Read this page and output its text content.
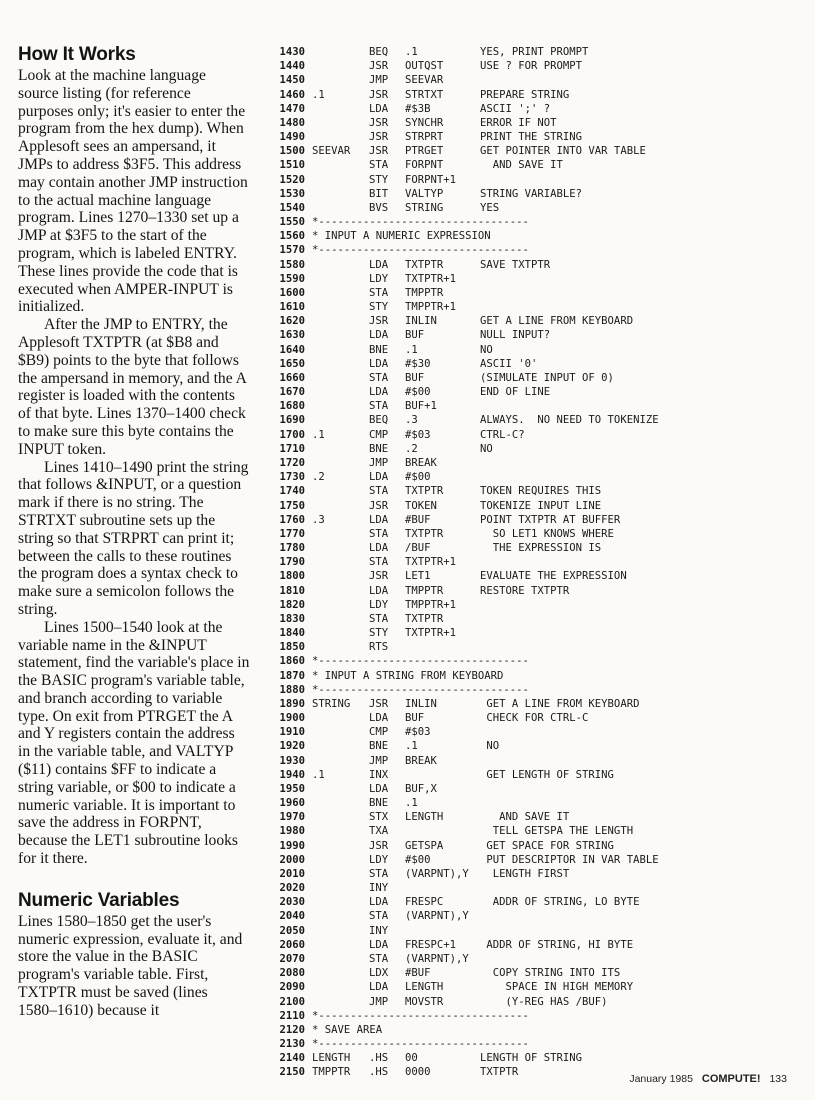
How It Works

Look at the machine language source listing (for reference purposes only; it's easier to enter the program from the hex dump). When Applesoft sees an ampersand, it JMPs to address $3F5. This address may contain another JMP instruction to the actual machine language program. Lines 1270–1330 set up a JMP at $3F5 to the start of the program, which is labeled ENTRY. These lines provide the code that is executed when AMPER-INPUT is initialized.

After the JMP to ENTRY, the Applesoft TXTPTR (at $B8 and $B9) points to the byte that follows the ampersand in memory, and the A register is loaded with the contents of that byte. Lines 1370–1400 check to make sure this byte contains the INPUT token.

Lines 1410–1490 print the string that follows &INPUT, or a question mark if there is no string. The STRTXT subroutine sets up the string so that STRPRT can print it; between the calls to these routines the program does a syntax check to make sure a semicolon follows the string.

Lines 1500–1540 look at the variable name in the &INPUT statement, find the variable's place in the BASIC program's variable table, and branch according to variable type. On exit from PTRGET the A and Y registers contain the address in the variable table, and VALTYP ($11) contains $FF to indicate a string variable, or $00 to indicate a numeric variable. It is important to save the address in FORPNT, because the LET1 subroutine looks for it there.

Numeric Variables

Lines 1580–1850 get the user's numeric expression, evaluate it, and store the value in the BASIC program's variable table. First, TXTPTR must be saved (lines 1580–1610) because it

1430	BEQ .1	YES, PRINT PROMPT
1440	JSR OUTQST	USE ? FOR PROMPT
1450	JMP SEEVAR
1460 .1	JSR STRTXT	PREPARE STRING
1470	LDA #$3B	ASCII ';' ?
1480	JSR SYNCHR	ERROR IF NOT
1490	JSR STRPRT	PRINT THE STRING
1500 SEEVAR JSR PTRGET	GET POINTER INTO VAR TABLE
1510	STA FORPNT	AND SAVE IT
1520	STY FORPNT+1
1530	BIT VALTYP	STRING VARIABLE?
1540	BVS STRING	YES
1550 *---------------------------------
1560 * INPUT A NUMERIC EXPRESSION
1570 *---------------------------------
1580	LDA TXTPTR	SAVE TXTPTR
1590	LDY TXTPTR+1
1600	STA TMPPTR
1610	STY TMPPTR+1
1620	JSR INLIN	GET A LINE FROM KEYBOARD
1630	LDA BUF	NULL INPUT?
1640	BNE .1	NO
1650	LDA #$30	ASCII '0'
1660	STA BUF	(SIMULATE INPUT OF 0)
1670	LDA #$00	END OF LINE
1680	STA BUF+1
1690	BEQ .3	ALWAYS.  NO NEED TO TOKENIZE
1700 .1	CMP #$03	CTRL-C?
1710	BNE .2	NO
1720	JMP BREAK
1730 .2	LDA #$00
1740	STA TXTPTR	TOKEN REQUIRES THIS
1750	JSR TOKEN	TOKENIZE INPUT LINE
1760 .3	LDA #BUF	POINT TXTPTR AT BUFFER
1770	STA TXTPTR	SO LET1 KNOWS WHERE
1780	LDA /BUF	THE EXPRESSION IS
1790	STA TXTPTR+1
1800	JSR LET1	EVALUATE THE EXPRESSION
1810	LDA TMPPTR	RESTORE TXTPTR
1820	LDY TMPPTR+1
1830	STA TXTPTR
1840	STY TXTPTR+1
1850	RTS
1860 *---------------------------------
1870 * INPUT A STRING FROM KEYBOARD
1880 *---------------------------------
1890 STRING JSR INLIN	GET A LINE FROM KEYBOARD
1900	LDA BUF	CHECK FOR CTRL-C
1910	CMP #$03
1920	BNE .1	NO
1930	JMP BREAK
1940 .1	INX	GET LENGTH OF STRING
1950	LDA BUF,X
1960	BNE .1
1970	STX LENGTH	AND SAVE IT
1980	TXA	TELL GETSPA THE LENGTH
1990	JSR GETSPA	GET SPACE FOR STRING
2000	LDY #$00	PUT DESCRIPTOR IN VAR TABLE
2010	STA (VARPNT),Y LENGTH FIRST
2020	INY
2030	LDA FRESPC	ADDR OF STRING, LO BYTE
2040	STA (VARPNT),Y
2050	INY
2060	LDA FRESPC+1 ADDR OF STRING, HI BYTE
2070	STA (VARPNT),Y
2080	LDX #BUF	COPY STRING INTO ITS
2090	LDA LENGTH	SPACE IN HIGH MEMORY
2100	JMP MOVSTR	(Y-REG HAS /BUF)
2110 *---------------------------------
2120 * SAVE AREA
2130 *---------------------------------
2140 LENGTH .HS 00	LENGTH OF STRING
2150 TMPPTR .HS 0000	TXTPTR
January 1985 COMPUTE! 133
